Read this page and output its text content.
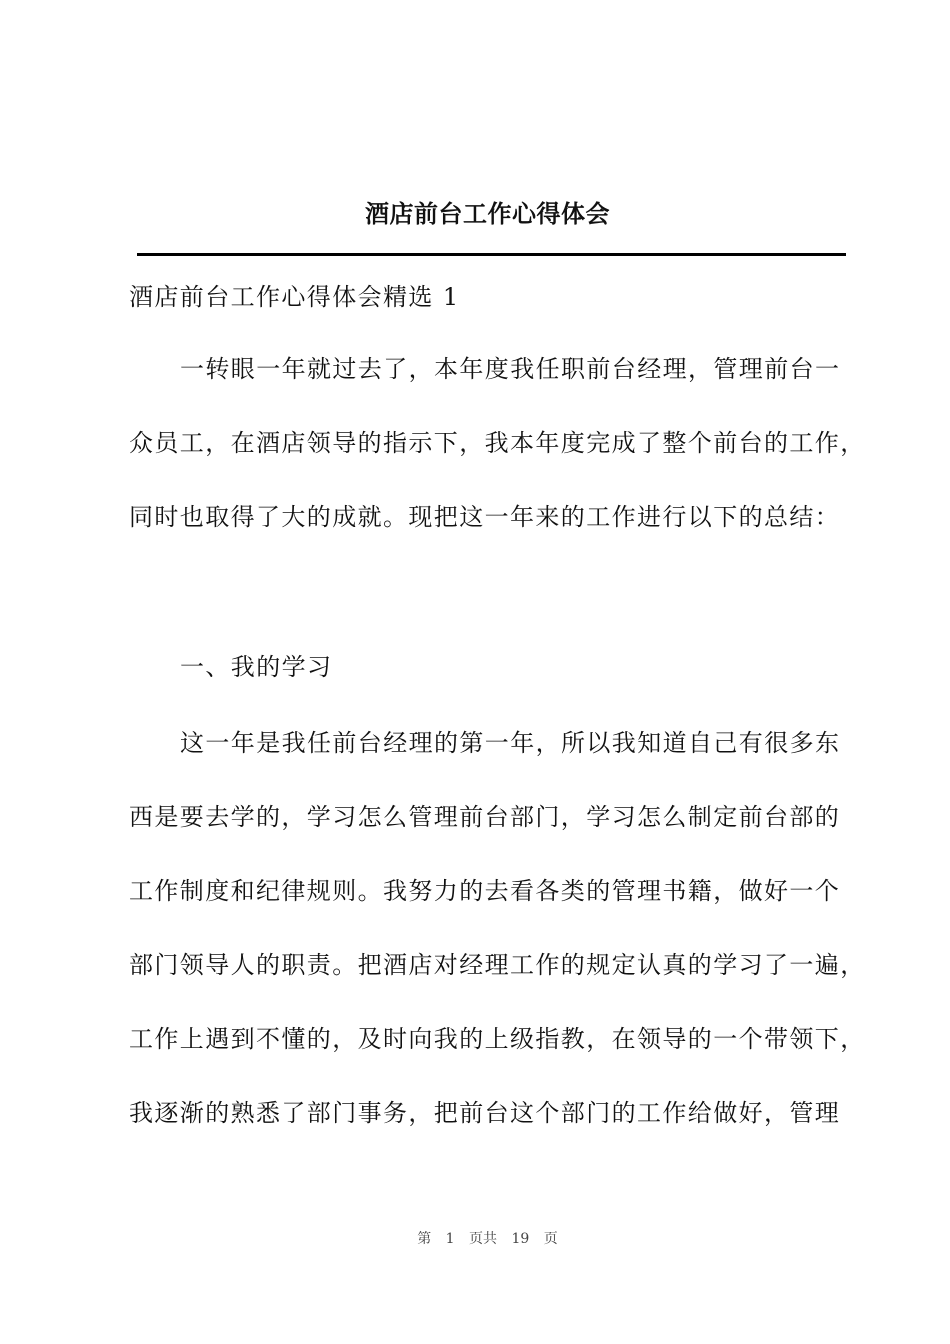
酒店前台工作心得体会
酒店前台工作心得体会精选 1
一转眼一年就过去了，本年度我任职前台经理，管理前台一
众员工，在酒店领导的指示下，我本年度完成了整个前台的工作，
同时也取得了大的成就。现把这一年来的工作进行以下的总结：
一、我的学习
这一年是我任前台经理的第一年，所以我知道自己有很多东
西是要去学的，学习怎么管理前台部门，学习怎么制定前台部的
工作制度和纪律规则。我努力的去看各类的管理书籍，做好一个
部门领导人的职责。把酒店对经理工作的规定认真的学习了一遍，
工作上遇到不懂的，及时向我的上级指教，在领导的一个带领下，
我逐渐的熟悉了部门事务，把前台这个部门的工作给做好，管理
第 1 页共 19 页
